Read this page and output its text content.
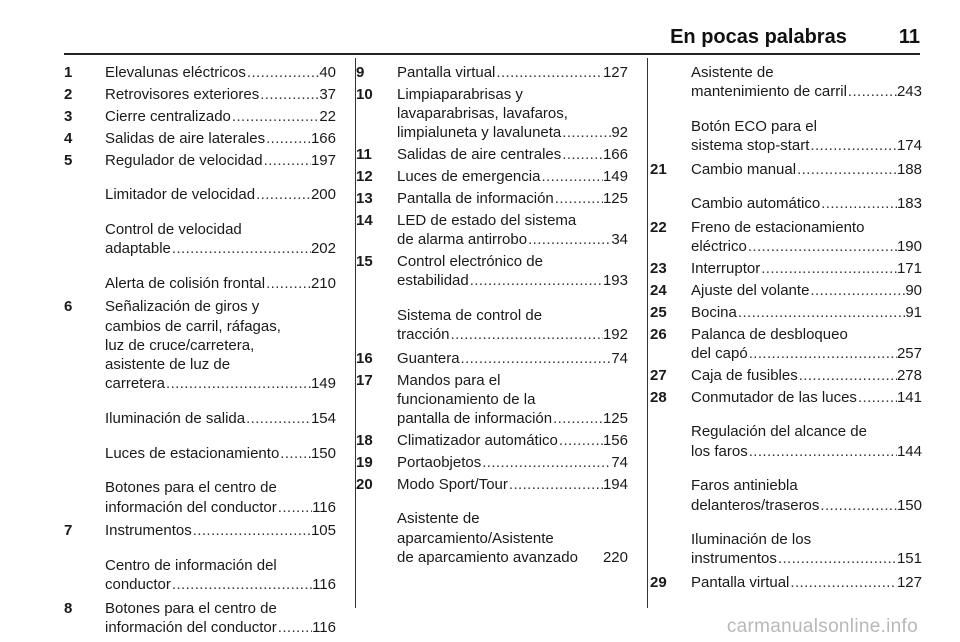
En pocas palabras	11
1 Elevalunas eléctricos .....	40
2 Retrovisores exteriores .....	37
3 Cierre centralizado .....	22
4 Salidas de aire laterales .....	166
5 Regulador de velocidad .....	197
Limitador de velocidad .....	200
Control de velocidad
adaptable .....	202
Alerta de colisión frontal .....	210
6 Señalización de giros y
cambios de carril, ráfagas,
luz de cruce/carretera,
asistente de luz de
carretera .....	149
Iluminación de salida .....	154
Luces de estacionamiento ..... 150
Botones para el centro de
información del conductor ..... 116
7 Instrumentos .....	105
Centro de información del
conductor .....	116
8 Botones para el centro de
información del conductor ..... 116
9 Pantalla virtual .....	127
10 Limpiaparabrisas y
lavaparabrisas, lavafaros,
limpialuneta y lavaluneta .....	92
11 Salidas de aire centrales .....	166
12 Luces de emergencia .....	149
13 Pantalla de información .....	125
14 LED de estado del sistema
de alarma antirrobo .....	34
15 Control electrónico de
estabilidad .....	193
Sistema de control de
tracción .....	192
16 Guantera .....	74
17 Mandos para el
funcionamiento de la
pantalla de información .....	125
18 Climatizador automático .....	156
19 Portaobjetos .....	74
20 Modo Sport/Tour .....	194
Asistente de
aparcamiento/Asistente
de aparcamiento avanzado 220
Asistente de
mantenimiento de carril .....	243
Botón ECO para el
sistema stop-start .....	174
21 Cambio manual .....	188
Cambio automático .....	183
22 Freno de estacionamiento
eléctrico .....	190
23 Interruptor .....	171
24 Ajuste del volante .....	90
25 Bocina .....	91
26 Palanca de desbloqueo
del capó .....	257
27 Caja de fusibles .....	278
28 Conmutador de las luces .....	141
Regulación del alcance de
los faros .....	144
Faros antiniebla
delanteros/traseros .....	150
Iluminación de los
instrumentos .....	151
29 Pantalla virtual .....	127
carmanualsonline.info
